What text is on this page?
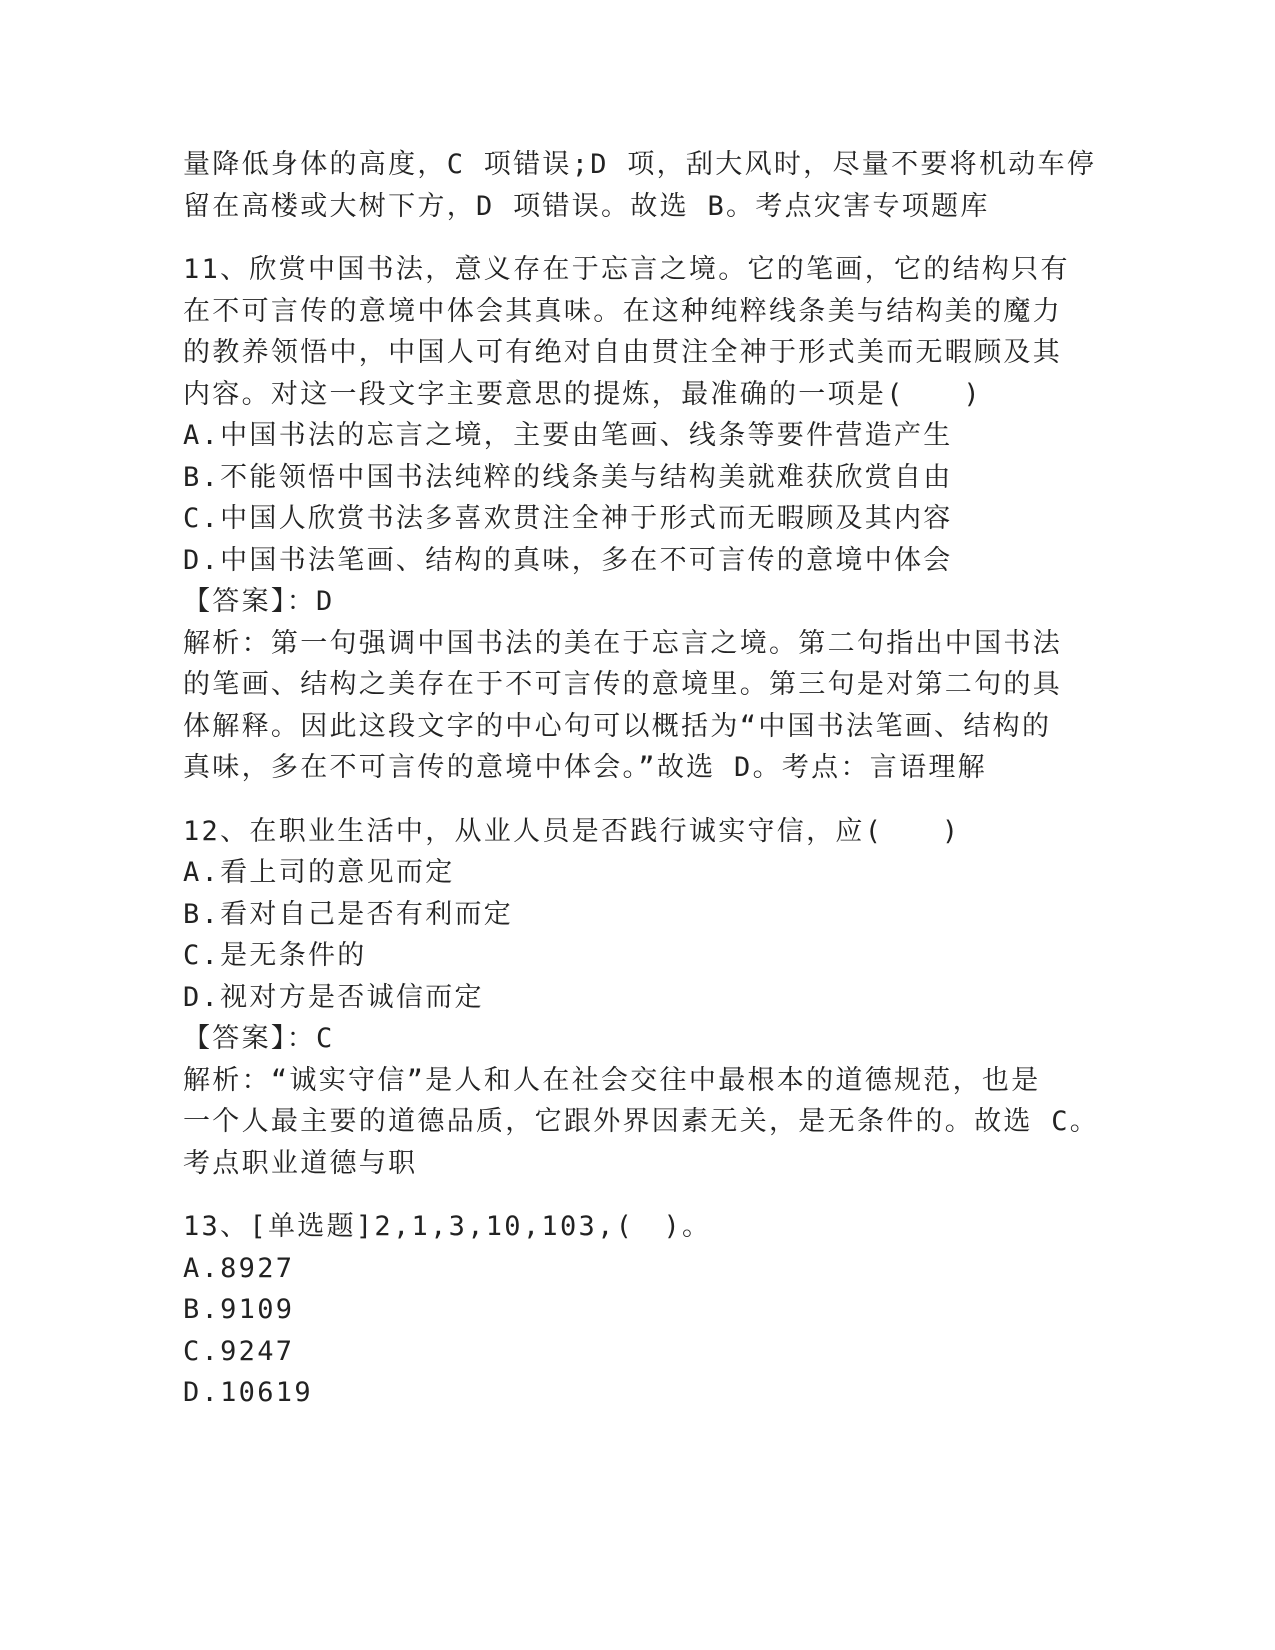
量降低身体的高度，C 项错误;D 项，刮大风时，尽量不要将机动车停
留在高楼或大树下方，D 项错误。故选 B。考点灾害专项题库
11、欣赏中国书法，意义存在于忘言之境。它的笔画，它的结构只有
在不可言传的意境中体会其真味。在这种纯粹线条美与结构美的魔力
的教养领悟中，中国人可有绝对自由贯注全神于形式美而无暇顾及其
内容。对这一段文字主要意思的提炼，最准确的一项是(　　)
A.中国书法的忘言之境，主要由笔画、线条等要件营造产生
B.不能领悟中国书法纯粹的线条美与结构美就难获欣赏自由
C.中国人欣赏书法多喜欢贯注全神于形式而无暇顾及其内容
D.中国书法笔画、结构的真味，多在不可言传的意境中体会
【答案】：D
解析：第一句强调中国书法的美在于忘言之境。第二句指出中国书法
的笔画、结构之美存在于不可言传的意境里。第三句是对第二句的具
体解释。因此这段文字的中心句可以概括为“中国书法笔画、结构的
真味，多在不可言传的意境中体会。”故选 D。考点：言语理解
12、在职业生活中，从业人员是否践行诚实守信，应(　　)
A.看上司的意见而定
B.看对自己是否有利而定
C.是无条件的
D.视对方是否诚信而定
【答案】：C
解析：“诚实守信”是人和人在社会交往中最根本的道德规范，也是
一个人最主要的道德品质，它跟外界因素无关，是无条件的。故选 C。
考点职业道德与职
13、[单选题]2,1,3,10,103,(　)。
A.8927
B.9109
C.9247
D.10619
